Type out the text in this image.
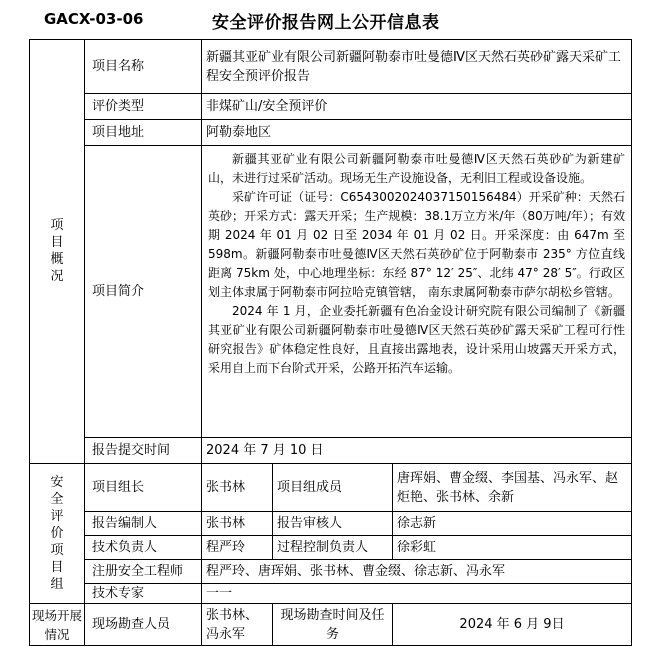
GACX-03-06	安全评价报告网上公开信息表
项目概况	项目名称	新疆其亚矿业有限公司新疆阿勒泰市吐曼德Ⅳ区天然石英砂矿露天采矿工程安全预评价报告		
	评价类型	非煤矿山/安全预评价		
	项目地址	阿勒泰地区		
	项目简介	新疆其亚矿业有限公司新疆阿勒泰市吐曼德Ⅳ区天然石英砂矿为新建矿山，未进行过采矿活动。现场无生产设施设备，无利旧工程或设备设施。

采矿许可证（证号：C6543002024037150156484）开采矿种：天然石英砂；开采方式：露天开采；生产规模：38.1万立方米/年（80万吨/年）；有效期 2024 年 01 月 02 日至 2034 年 01 月 02 日。开采深度：由 647m 至 598m。新疆阿勒泰市吐曼德Ⅳ区天然石英砂矿位于阿勒泰市 235° 方位直线距离 75km 处，中心地理坐标：东经 87° 12′ 25″、北纬 47° 28′ 5″。行政区划主体隶属于阿勒泰市阿拉哈克镇管辖， 南东隶属阿勒泰市萨尔胡松乡管辖。

2024 年 1 月，企业委托新疆有色冶金设计研究院有限公司编制了《新疆其亚矿业有限公司新疆阿勒泰市吐曼德Ⅳ区天然石英砂矿露天采矿工程可行性研究报告》矿体稳定性良好，且直接出露地表，设计采用山坡露天开采方式，采用自上而下台阶式开采，公路开拓汽车运输。		

	报告提交时间	2024 年 7 月 10 日		

安全评价项目组	项目组长	张书林	项目组成员	唐珲娟、曹金缀、李国基、冯永军、赵炬艳、张书林、余新
	报告编制人	张书林	报告审核人	徐志新
	技术负责人	程严玲	过程控制负责人	徐彩虹
	注册安全工程师	程严玲、唐珲娟、张书林、曹金缀、徐志新、冯永军		
	技术专家	一一		

现场开展情况	现场勘查人员	张书林、冯永军	现场勘查时间及任务	2024 年 6 月 9日
